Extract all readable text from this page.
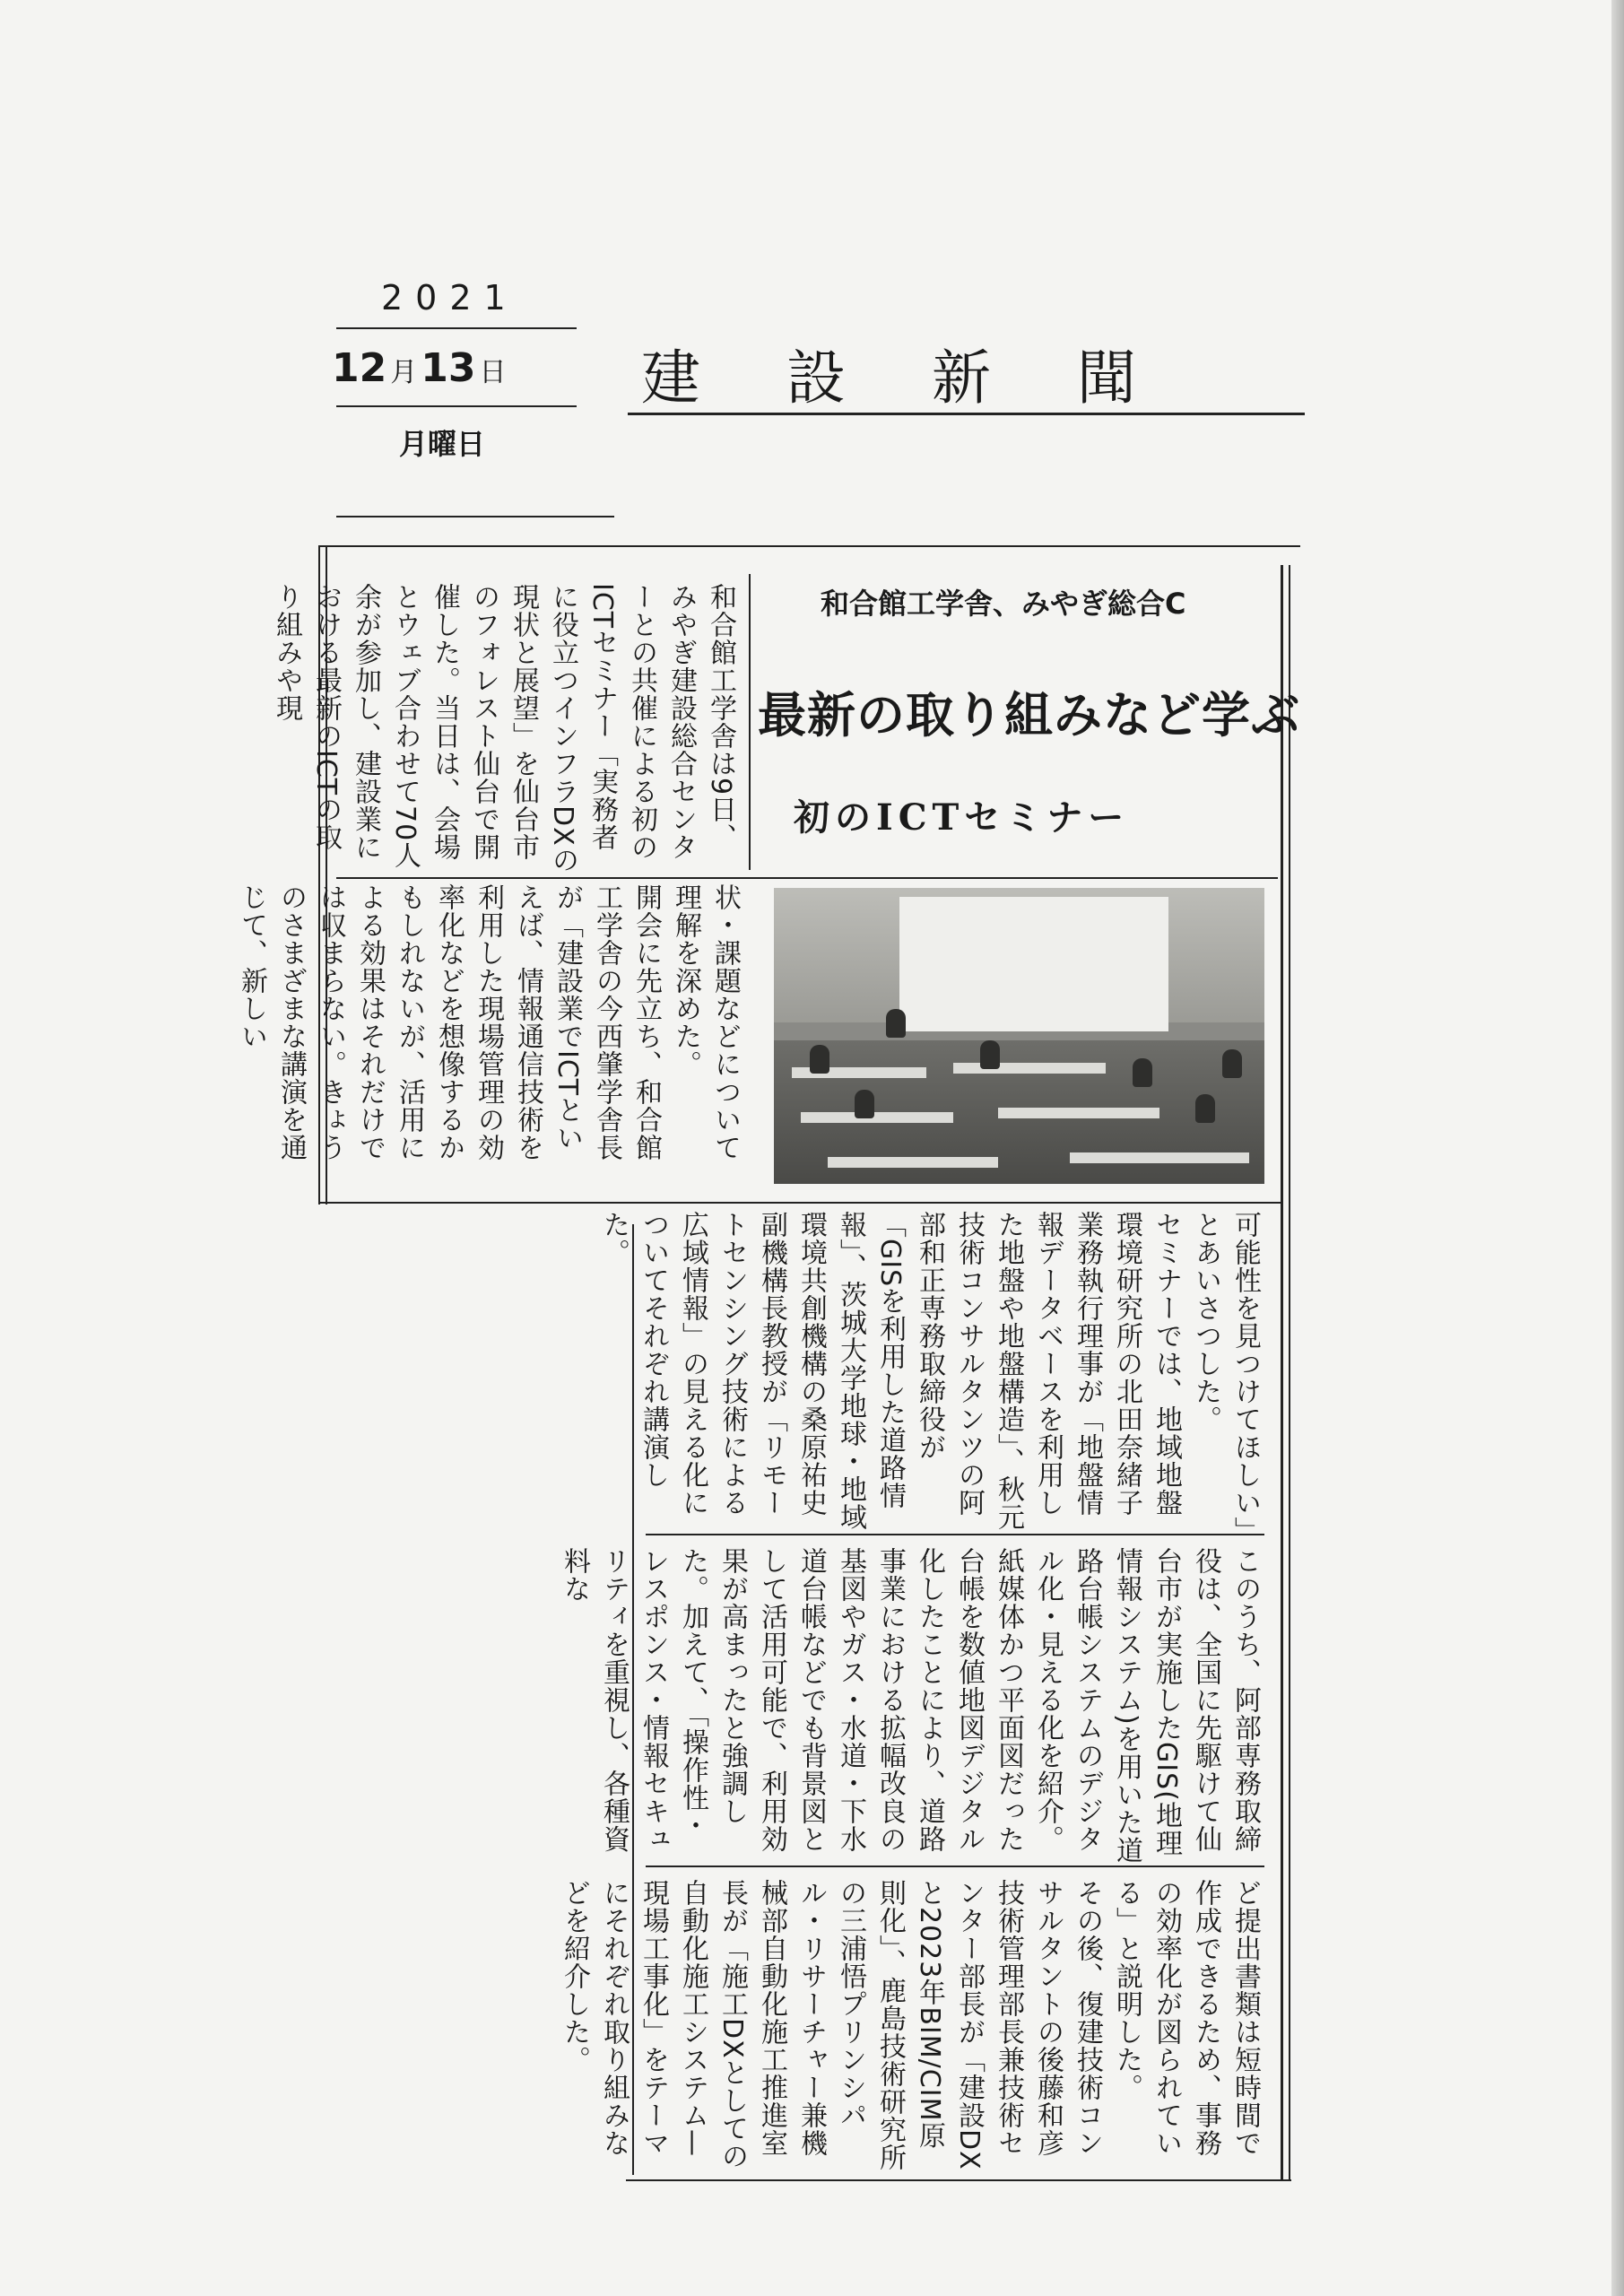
2021
12 月13 日
月曜日
建設新聞
和合館工学舎、みやぎ総合C
最新の取り組みなど学ぶ
初のICTセミナー
和合館工学舎は9日、みやぎ建設総合センターとの共催による初のICTセミナー「実務者に役立つインフラDXの現状と展望」を仙台市のフォレスト仙台で開催した。当日は、会場とウェブ合わせて70人余が参加し、建設業における最新のICTの取り組みや現
状・課題などについて理解を深めた。
開会に先立ち、和合館工学舎の今西肇学舎長が「建設業でICTといえば、情報通信技術を利用した現場管理の効率化などを想像するかもしれないが、活用による効果はそれだけでは収まらない。きょうのさまざまな講演を通じて、新しい
可能性を見つけてほしい」とあいさつした。
セミナーでは、地域地盤環境研究所の北田奈緒子業務執行理事が「地盤情報データベースを利用した地盤や地盤構造」、秋元技術コンサルタンツの阿部和正専務取締役が「GISを利用した道路情報」、茨城大学地球・地域環境共創機構の桑原祐史副機構長教授が「リモートセンシング技術による広域情報」の見える化についてそれぞれ講演した。
このうち、阿部専務取締役は、全国に先駆けて仙台市が実施したGIS(地理情報システム)を用いた道路台帳システムのデジタル化・見える化を紹介。紙媒体かつ平面図だった台帳を数値地図デジタル化したことにより、道路事業における拡幅改良の基図やガス・水道・下水道台帳などでも背景図として活用可能で、利用効果が高まったと強調した。加えて、「操作性・レスポンス・情報セキュリティを重視し、各種資料な
ど提出書類は短時間で作成できるため、事務の効率化が図られている」と説明した。
その後、復建技術コンサルタントの後藤和彦技術管理部長兼技術センター部長が「建設DXと2023年BIM/CIM原則化」、鹿島技術研究所の三浦悟プリンシパル・リサーチャー兼機械部自動化施工推進室長が「施工DXとしての自動化施工システム—現場工事化」をテーマにそれぞれ取り組みなどを紹介した。
